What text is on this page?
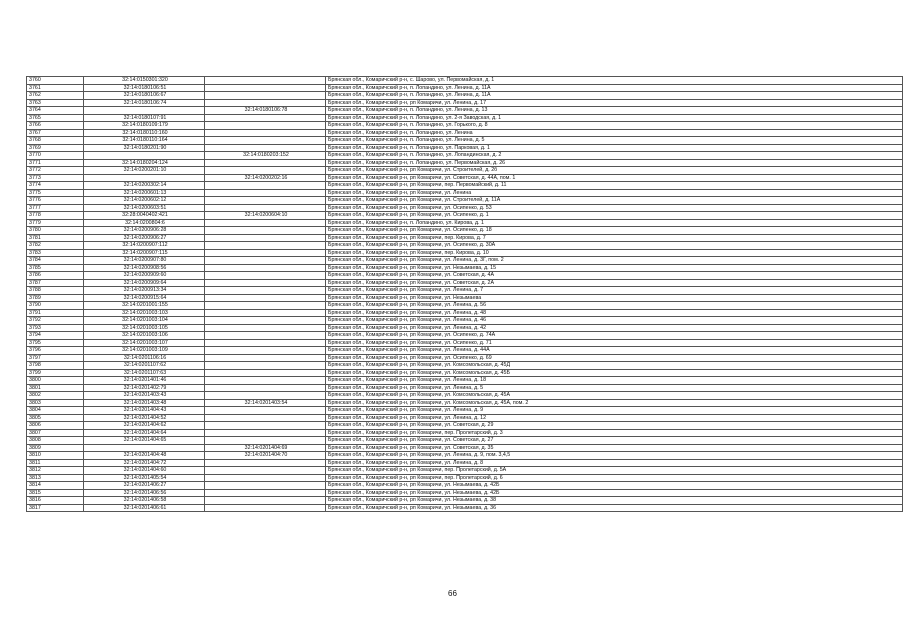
3760	32:14:0150301:320		Брянская обл., Комаричский р-н, с. Шарово, ул. Первомайская, д. 1
3761	32:14:0180106:51		Брянская обл., Комаричский р-н, п. Лопандино, ул. Ленина, д. 11А
3762	32:14:0180106:67		Брянская обл., Комаричский р-н, п. Лопандино, ул. Ленина, д. 11А
3763	32:14:0180106:74		Брянская обл., Комаричский р-н, рп Комаричи, ул. Ленина, д. 17
3764		32:14:0180106:78	Брянская обл., Комаричский р-н, п. Лопандино, ул. Ленина, д. 13
3765	32:14:0180107:91		Брянская обл., Комаричский р-н, п. Лопандино, ул. 2-я Заводская, д. 1
3766	32:14:0180109:179		Брянская обл., Комаричский р-н, п. Лопандино, ул. Горького, д. 8
3767	32:14:0180110:160		Брянская обл., Комаричский р-н, п. Лопандино, ул. Ленина
3768	32:14:0180110:164		Брянская обл., Комаричский р-н, п. Лопандино, ул. Ленина, д. 5
3769	32:14:0180201:90		Брянская обл., Комаричский р-н, п. Лопандино, ул. Парковая, д. 1
3770		32:14:0180203:152	Брянская обл., Комаричский р-н, п. Лопандино, ул. Лопандинская, д. 2
3771	32:14:0180204:124		Брянская обл., Комаричский р-н, п. Лопандино, ул. Первомайская, д. 26
3772	32:14:0200201:10		Брянская обл., Комаричский р-н, рп Комаричи, ул. Строителей, д. 2б
3773		32:14:0200202:16	Брянская обл., Комаричский р-н, рп Комаричи, ул. Советская, д. 44А, пом. 1
3774	32:14:0200302:14		Брянская обл., Комаричский р-н, рп Комаричи, пер. Первомайский, д. 11
3775	32:14:0200601:13		Брянская обл., Комаричский р-н, рп Комаричи, ул. Ленина
3776	32:14:0200602:12		Брянская обл., Комаричский р-н, рп Комаричи, ул. Строителей, д. 11А
3777	32:14:0200603:51		Брянская обл., Комаричский р-н, рп Комаричи, ул. Осипенко, д. 53
3778	32:28:0040402:421	32:14:0200604:10	Брянская обл., Комаричский р-н, рп Комаричи, ул. Осипенко, д. 1
3779	32:14:0200804:6		Брянская обл., Комаричский р-н, п. Лопандино, ул. Кирова, д. 1
3780	32:14:0200906:28		Брянская обл., Комаричский р-н, рп Комаричи, ул. Осипенко, д. 18
3781	32:14:0200906:27		Брянская обл., Комаричский р-н, рп Комаричи, пер. Кирова, д. 7
3782	32:14:0200907:112		Брянская обл., Комаричский р-н, рп Комаричи, ул. Осипенко, д. 30А
3783	32:14:0200907:115		Брянская обл., Комаричский р-н, рп Комаричи, пер. Кирова, д. 10
3784	32:14:0200907:80		Брянская обл., Комаричский р-н, рп Комаричи, ул. Ленина, д. 3Г, пом. 2
3785	32:14:0200908:56		Брянская обл., Комаричский р-н, рп Комаричи, ул. Незымаева, д. 15
3786	32:14:0200909:60		Брянская обл., Комаричский р-н, рп Комаричи, ул. Советская, д. 4А
3787	32:14:0200909:64		Брянская обл., Комаричский р-н, рп Комаричи, ул. Советская, д. 2А
3788	32:14:0200913:34		Брянская обл., Комаричский р-н, рп Комаричи, ул. Ленина, д. 7
3789	32:14:0200915:64		Брянская обл., Комаричский р-н, рп Комаричи, ул. Незымаева
3790	32:14:0201001:155		Брянская обл., Комаричский р-н, рп Комаричи, ул. Ленина, д. 56
3791	32:14:0201003:103		Брянская обл., Комаричский р-н, рп Комаричи, ул. Ленина, д. 48
3792	32:14:0201003:104		Брянская обл., Комаричский р-н, рп Комаричи, ул. Ленина, д. 46
3793	32:14:0201003:105		Брянская обл., Комаричский р-н, рп Комаричи, ул. Ленина, д. 42
3794	32:14:0201003:106		Брянская обл., Комаричский р-н, рп Комаричи, ул. Осипенко, д. 74А
3795	32:14:0201003:107		Брянская обл., Комаричский р-н, рп Комаричи, ул. Осипенко, д. 71
3796	32:14:0201003:109		Брянская обл., Комаричский р-н, рп Комаричи, ул. Ленина, д. 44А
3797	32:14:0201106:16		Брянская обл., Комаричский р-н, рп Комаричи, ул. Осипенко, д. 69
3798	32:14:0201107:62		Брянская обл., Комаричский р-н, рп Комаричи, ул. Комсомольская, д. 45Д
3799	32:14:0201107:63		Брянская обл., Комаричский р-н, рп Комаричи, ул. Комсомольская, д. 45Б
3800	32:14:0201401:46		Брянская обл., Комаричский р-н, рп Комаричи, ул. Ленина, д. 18
3801	32:14:0201402:79		Брянская обл., Комаричский р-н, рп Комаричи, ул. Ленина, д. 5
3802	32:14:0201403:43		Брянская обл., Комаричский р-н, рп Комаричи, ул. Комсомольская, д. 45А
3803	32:14:0201403:48	32:14:0201403:54	Брянская обл., Комаричский р-н, рп Комаричи, ул. Комсомольская, д. 45А, пом. 2
3804	32:14:0201404:43		Брянская обл., Комаричский р-н, рп Комаричи, ул. Ленина, д. 9
3805	32:14:0201404:52		Брянская обл., Комаричский р-н, рп Комаричи, ул. Ленина, д. 12
3806	32:14:0201404:62		Брянская обл., Комаричский р-н, рп Комаричи, ул. Советская, д. 29
3807	32:14:0201404:64		Брянская обл., Комаричский р-н, рп Комаричи, пер. Пролетарский, д. 3
3808	32:14:0201404:65		Брянская обл., Комаричский р-н, рп Комаричи, ул. Советская, д. 27
3809		32:14:0201404:69	Брянская обл., Комаричский р-н, рп Комаричи, ул. Советская, д. 35
3810	32:14:0201404:48	32:14:0201404:70	Брянская обл., Комаричский р-н, рп Комаричи, ул. Ленина, д. 9, пом. 3,4,5
3811	32:14:0201404:72		Брянская обл., Комаричский р-н, рп Комаричи, ул. Ленина, д. 8
3812	32:14:0201404:60		Брянская обл., Комаричский р-н, рп Комаричи, пер. Пролетарский, д. 5А
3813	32:14:0201405:54		Брянская обл., Комаричский р-н, рп Комаричи, пер. Пролетарский, д. 6
3814	32:14:0201406:27		Брянская обл., Комаричский р-н, рп Комаричи, ул. Незымаева, д. 42Б
3815	32:14:0201406:56		Брянская обл., Комаричский р-н, рп Комаричи, ул. Незымаева, д. 42Б
3816	32:14:0201406:58		Брянская обл., Комаричский р-н, рп Комаричи, ул. Незымаева, д. 38
3817	32:14:0201406:61		Брянская обл., Комаричский р-н, рп Комаричи, ул. Незымаева, д. 36
66
